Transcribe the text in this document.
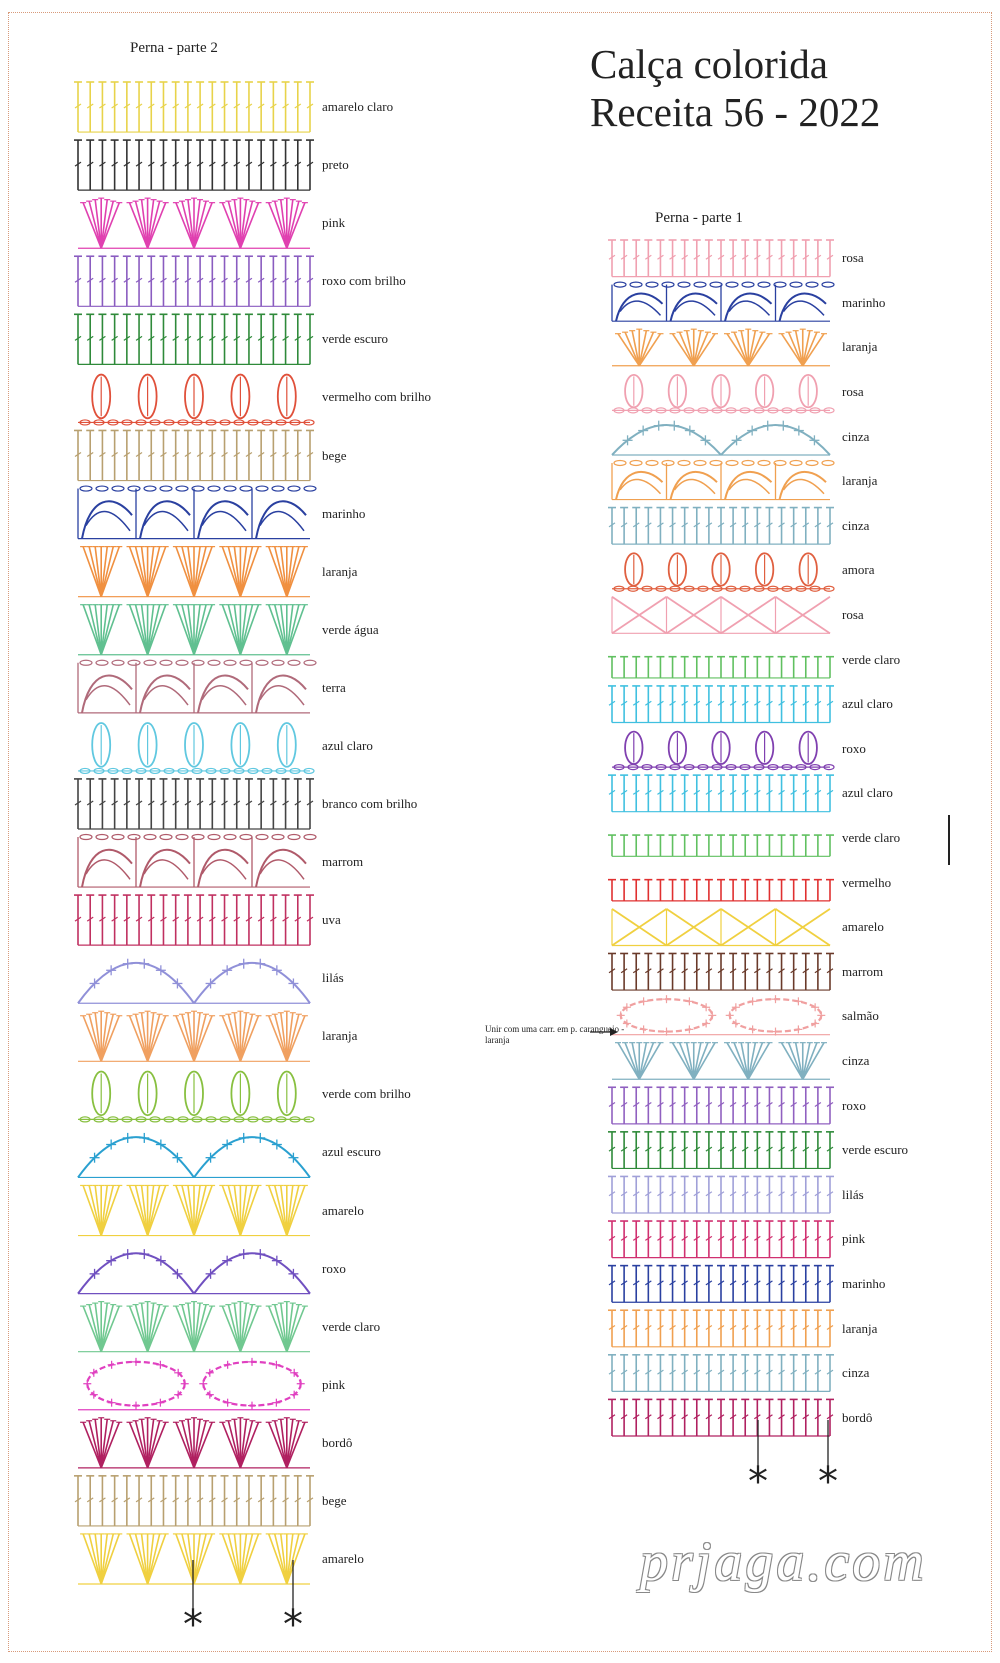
Calça colorida
Receita 56 - 2022
Perna - parte 2
Perna - parte 1
amarelo claro
preto
pink
roxo com brilho
verde escuro
vermelho com brilho
bege
marinho
laranja
verde água
terra
azul claro
branco com brilho
marrom
uva
lilás
laranja
verde com brilho
azul escuro
amarelo
roxo
verde claro
pink
bordô
bege
amarelo
rosa
marinho
laranja
rosa
cinza
laranja
cinza
amora
rosa
verde claro
azul claro
roxo
azul claro
verde claro
vermelho
amarelo
marrom
salmão
cinza
roxo
verde escuro
lilás
pink
marinho
laranja
cinza
bordô
Unir com uma carr. em p. caranguejo - laranja
* *
* *
prjaga.com
